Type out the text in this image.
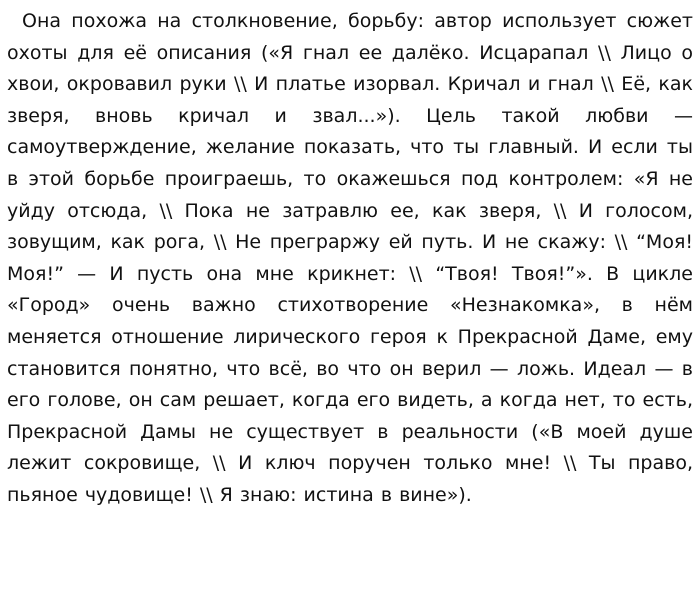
Она похожа на столкновение, борьбу: автор использует сюжет охоты для её описания («Я гнал ее далёко. Исцарапал \\ Лицо о хвои, окровавил руки \\ И платье изорвал. Кричал и гнал \\ Её, как зверя, вновь кричал и звал...»). Цель такой любви — самоутверждение, желание показать, что ты главный. И если ты в этой борьбе проиграешь, то окажешься под контролем: «Я не уйду отсюда, \\ Пока не затравлю ее, как зверя, \\ И голосом, зовущим, как рога, \\ Не преграржу ей путь. И не скажу: \\ “Моя! Моя!” — И пусть она мне крикнет: \\ “Твоя! Твоя!”». В цикле «Город» очень важно стихотворение «Незнакомка», в нём меняется отношение лирического героя к Прекрасной Даме, ему становится понятно, что всё, во что он верил — ложь. Идеал — в его голове, он сам решает, когда его видеть, а когда нет, то есть, Прекрасной Дамы не существует в реальности («В моей душе лежит сокровище, \\ И ключ поручен только мне! \\ Ты право, пьяное чудовище! \\ Я знаю: истина в вине»).
